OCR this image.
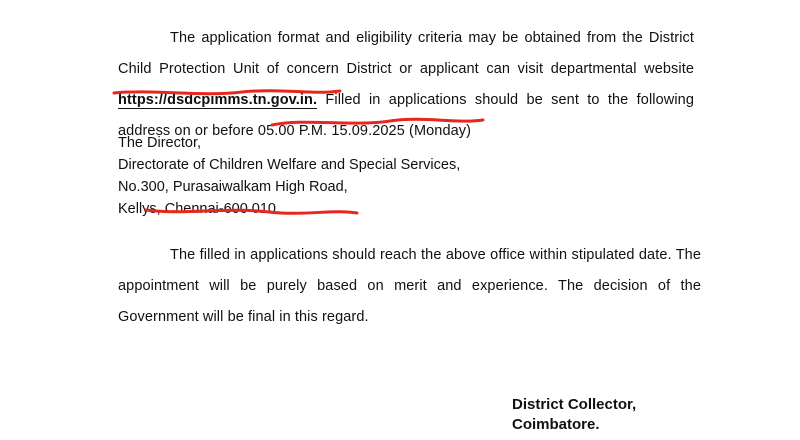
The application format and eligibility criteria may be obtained from the District Child Protection Unit of concern District or applicant can visit departmental website https://dsdcpimms.tn.gov.in. Filled in applications should be sent to the following address on or before 05.00 P.M. 15.09.2025 (Monday)

The Director,
Directorate of Children Welfare and Special Services,
No.300, Purasaiwalkam High Road,
Kellys, Chennai-600 010.

The filled in applications should reach the above office within stipulated date. The appointment will be purely based on merit and experience. The decision of the Government will be final in this regard.

District Collector,
Coimbatore.
